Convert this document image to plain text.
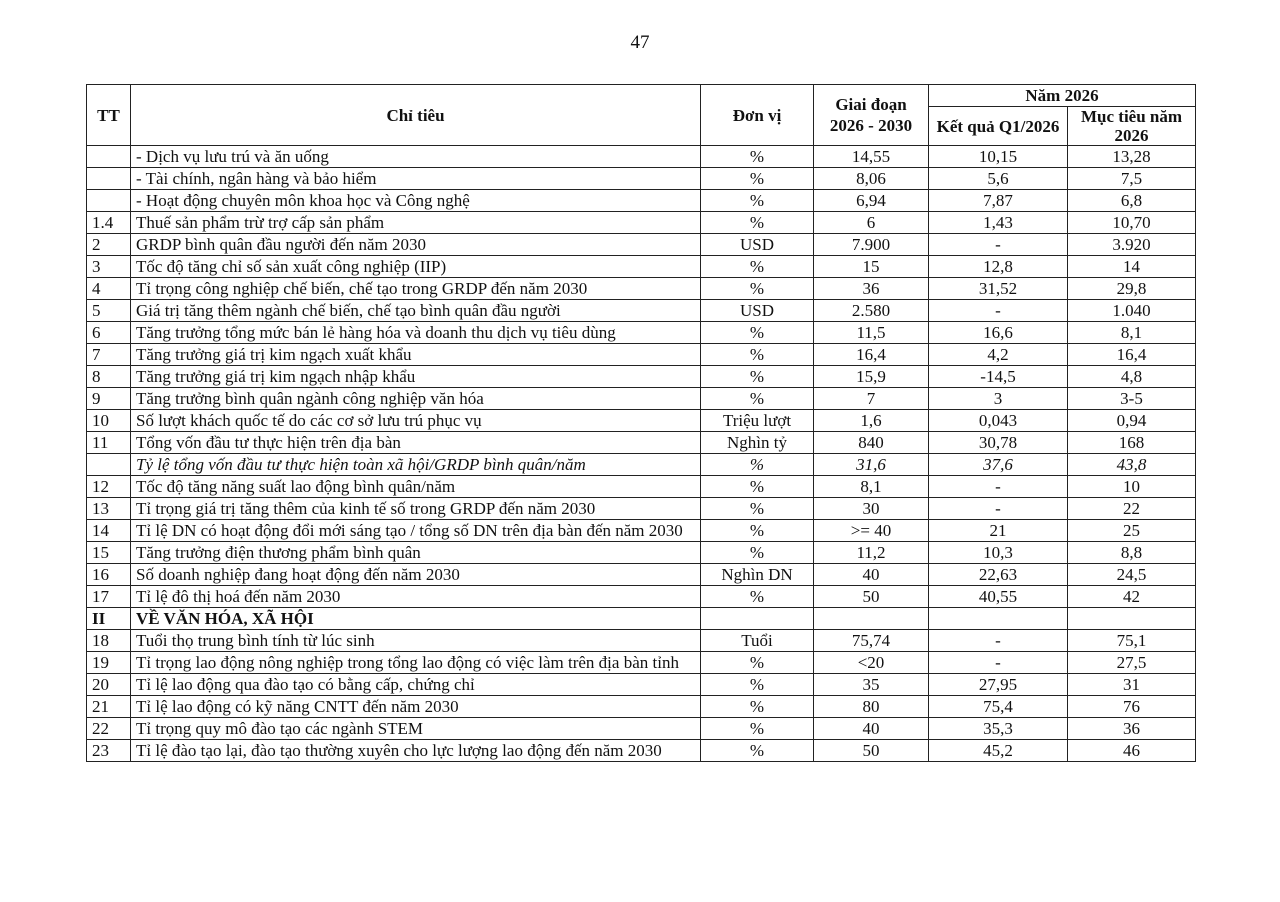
47
TT	Chỉ tiêu	Đơn vị	Giai đoạn 2026 - 2030	Năm 2026	
				Kết quả Q1/2026	Mục tiêu năm 2026
	- Dịch vụ lưu trú và ăn uống	%	14,55	10,15	13,28
	- Tài chính, ngân hàng và bảo hiểm	%	8,06	5,6	7,5
	- Hoạt động chuyên môn khoa học và Công nghệ	%	6,94	7,87	6,8
1.4	Thuế sản phẩm trừ trợ cấp sản phẩm	%	6	1,43	10,70
2	GRDP bình quân đầu người đến năm 2030	USD	7.900	-	3.920
3	Tốc độ tăng chỉ số sản xuất công nghiệp (IIP)	%	15	12,8	14
4	Tỉ trọng công nghiệp chế biến, chế tạo trong GRDP đến năm 2030	%	36	31,52	29,8
5	Giá trị tăng thêm ngành chế biến, chế tạo bình quân đầu người	USD	2.580	-	1.040
6	Tăng trưởng tổng mức bán lẻ hàng hóa và doanh thu dịch vụ tiêu dùng	%	11,5	16,6	8,1
7	Tăng trưởng giá trị kim ngạch xuất khẩu	%	16,4	4,2	16,4
8	Tăng trưởng giá trị kim ngạch nhập khẩu	%	15,9	-14,5	4,8
9	Tăng trưởng bình quân ngành công nghiệp văn hóa	%	7	3	3-5
10	Số lượt khách quốc tế do các cơ sở lưu trú phục vụ	Triệu lượt	1,6	0,043	0,94
11	Tổng vốn đầu tư thực hiện trên địa bàn	Nghìn tỷ	840	30,78	168
	Tỷ lệ tổng vốn đầu tư thực hiện toàn xã hội/GRDP bình quân/năm	%	31,6	37,6	43,8
12	Tốc độ tăng năng suất lao động bình quân/năm	%	8,1	-	10
13	Tỉ trọng giá trị tăng thêm của kinh tế số trong GRDP đến năm 2030	%	30	-	22
14	Tỉ lệ DN có hoạt động đổi mới sáng tạo / tổng số DN trên địa bàn đến năm 2030	%	>= 40	21	25
15	Tăng trưởng điện thương phẩm bình quân	%	11,2	10,3	8,8
16	Số doanh nghiệp đang hoạt động đến năm 2030	Nghìn DN	40	22,63	24,5
17	Tỉ lệ đô thị hoá đến năm 2030	%	50	40,55	42
II	VỀ VĂN HÓA, XÃ HỘI				
18	Tuổi thọ trung bình tính từ lúc sinh	Tuổi	75,74	-	75,1
19	Tỉ trọng lao động nông nghiệp trong tổng lao động có việc làm trên địa bàn tỉnh	%	<20	-	27,5
20	Tỉ lệ lao động qua đào tạo có bằng cấp, chứng chỉ	%	35	27,95	31
21	Tỉ lệ lao động có kỹ năng CNTT đến năm 2030	%	80	75,4	76
22	Tỉ trọng quy mô đào tạo các ngành STEM	%	40	35,3	36
23	Tỉ lệ đào tạo lại, đào tạo thường xuyên cho lực lượng lao động đến năm 2030	%	50	45,2	46
